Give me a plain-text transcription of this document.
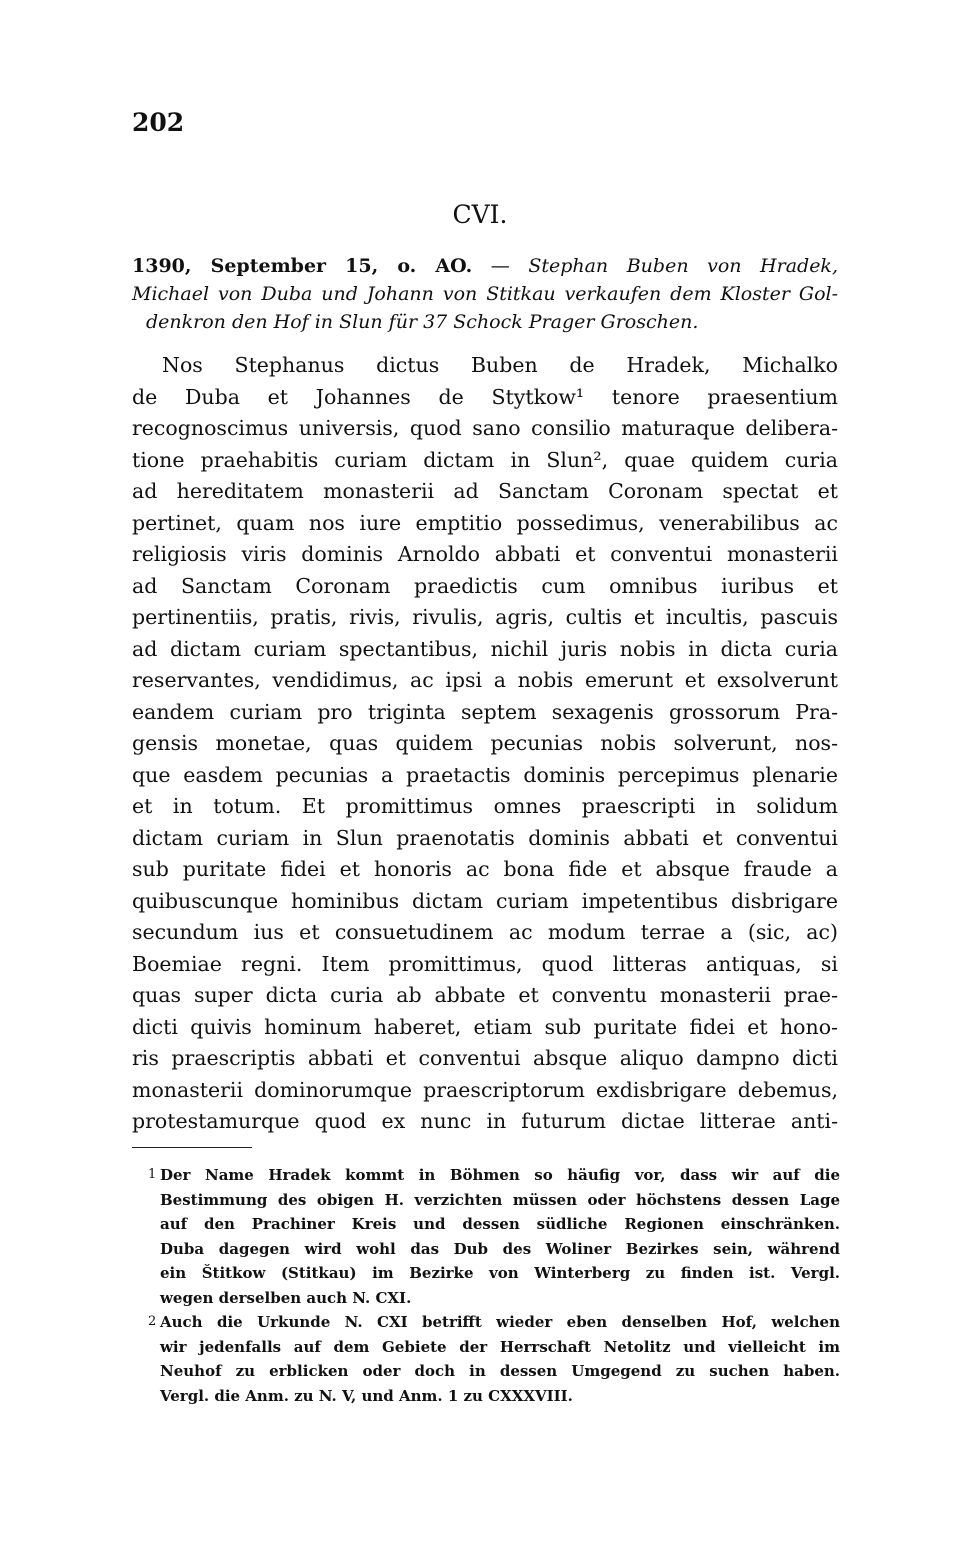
202
CVI.
1390, September 15, o. AO. — Stephan Buben von Hradek,
Michael von Duba und Johann von Stitkau verkaufen dem Kloster Gol-
denkron den Hof in Slun für 37 Schock Prager Groschen.
Nos Stephanus dictus Buben de Hradek, Michalko
de Duba et Johannes de Stytkow¹ tenore praesentium
recognoscimus universis, quod sano consilio maturaque delibera-
tione praehabitis curiam dictam in Slun², quae quidem curia
ad hereditatem monasterii ad Sanctam Coronam spectat et
pertinet, quam nos iure emptitio possedimus, venerabilibus ac
religiosis viris dominis Arnoldo abbati et conventui monasterii
ad Sanctam Coronam praedictis cum omnibus iuribus et
pertinentiis, pratis, rivis, rivulis, agris, cultis et incultis, pascuis
ad dictam curiam spectantibus, nichil juris nobis in dicta curia
reservantes, vendidimus, ac ipsi a nobis emerunt et exsolverunt
eandem curiam pro triginta septem sexagenis grossorum Pra-
gensis monetae, quas quidem pecunias nobis solverunt, nos-
que easdem pecunias a praetactis dominis percepimus plenarie
et in totum. Et promittimus omnes praescripti in solidum
dictam curiam in Slun praenotatis dominis abbati et conventui
sub puritate fidei et honoris ac bona fide et absque fraude a
quibuscunque hominibus dictam curiam impetentibus disbrigare
secundum ius et consuetudinem ac modum terrae a (sic, ac)
Boemiae regni. Item promittimus, quod litteras antiquas, si
quas super dicta curia ab abbate et conventu monasterii prae-
dicti quivis hominum haberet, etiam sub puritate fidei et hono-
ris praescriptis abbati et conventui absque aliquo dampno dicti
monasterii dominorumque praescriptorum exdisbrigare debemus,
protestamurque quod ex nunc in futurum dictae litterae anti-
1 Der Name Hradek kommt in Böhmen so häufig vor, dass wir auf die
Bestimmung des obigen H. verzichten müssen oder höchstens dessen Lage
auf den Prachiner Kreis und dessen südliche Regionen einschränken.
Duba dagegen wird wohl das Dub des Woliner Bezirkes sein, während
ein Štitkow (Stitkau) im Bezirke von Winterberg zu finden ist. Vergl.
wegen derselben auch N. CXI.
2 Auch die Urkunde N. CXI betrifft wieder eben denselben Hof, welchen
wir jedenfalls auf dem Gebiete der Herrschaft Netolitz und vielleicht im
Neuhof zu erblicken oder doch in dessen Umgegend zu suchen haben.
Vergl. die Anm. zu N. V, und Anm. 1 zu CXXXVIII.
